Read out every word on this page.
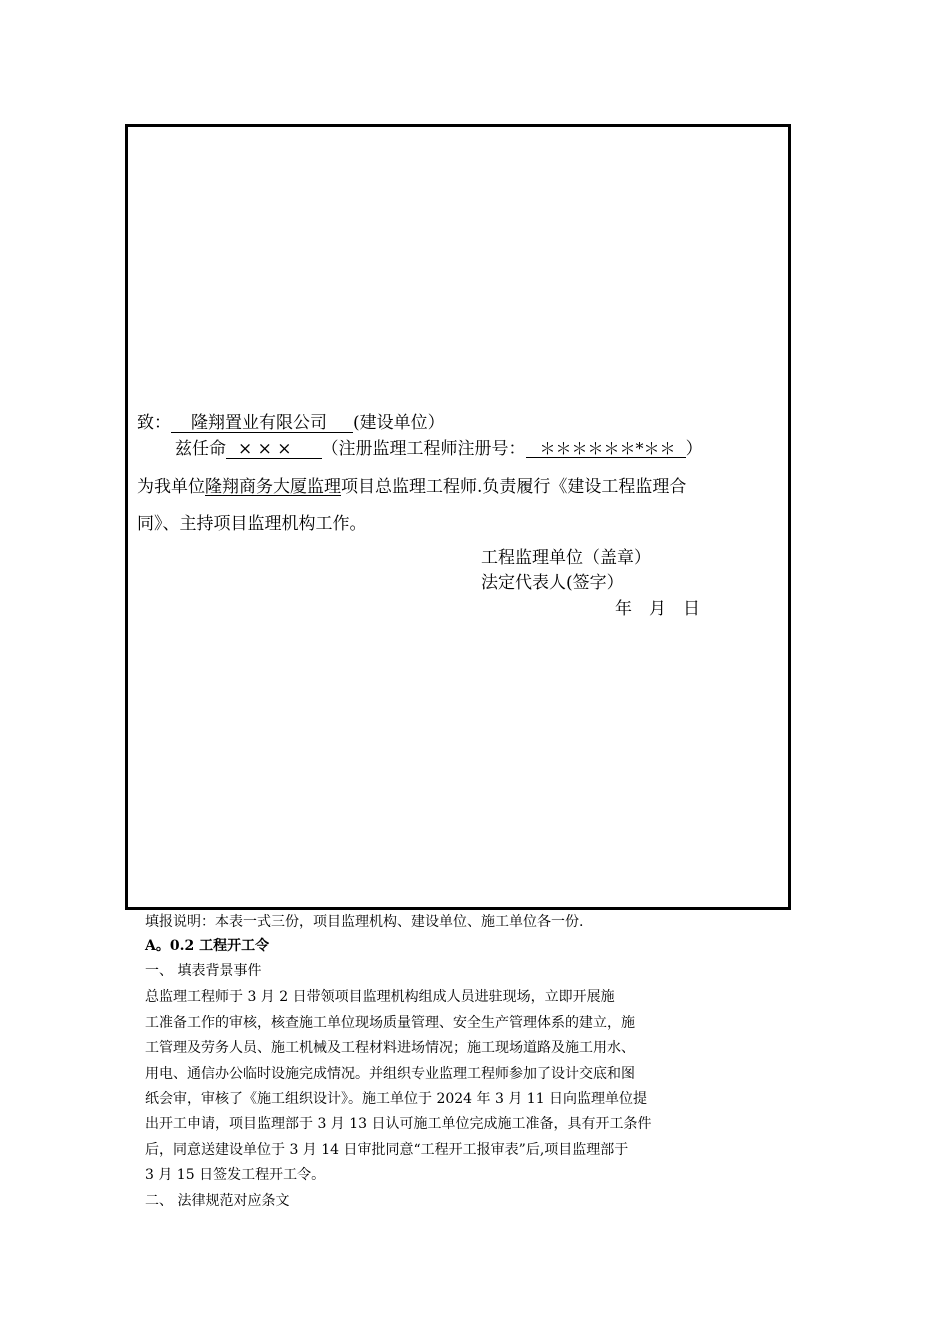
致： 隆翔置业有限公司 (建设单位）
兹任命 × × × （注册监理工程师注册号： ＊＊＊＊＊＊*＊＊ ）
为我单位隆翔商务大厦监理项目总监理工程师.负责履行《建设工程监理合
同》、主持项目监理机构工作。
工程监理单位（盖章）
法定代表人(签字）
年　月　日
填报说明：本表一式三份，项目监理机构、建设单位、施工单位各一份.
A。0.2 工程开工令
一、 填表背景事件
总监理工程师于 3 月 2 日带领项目监理机构组成人员进驻现场，立即开展施
工准备工作的审核，核查施工单位现场质量管理、安全生产管理体系的建立，施
工管理及劳务人员、施工机械及工程材料进场情况；施工现场道路及施工用水、
用电、通信办公临时设施完成情况。并组织专业监理工程师参加了设计交底和图
纸会审，审核了《施工组织设计》。施工单位于 2024 年 3 月 11 日向监理单位提
出开工申请，项目监理部于 3 月 13 日认可施工单位完成施工准备，具有开工条件
后，同意送建设单位于 3 月 14 日审批同意“工程开工报审表”后,项目监理部于
3 月 15 日签发工程开工令。
二、 法律规范对应条文
